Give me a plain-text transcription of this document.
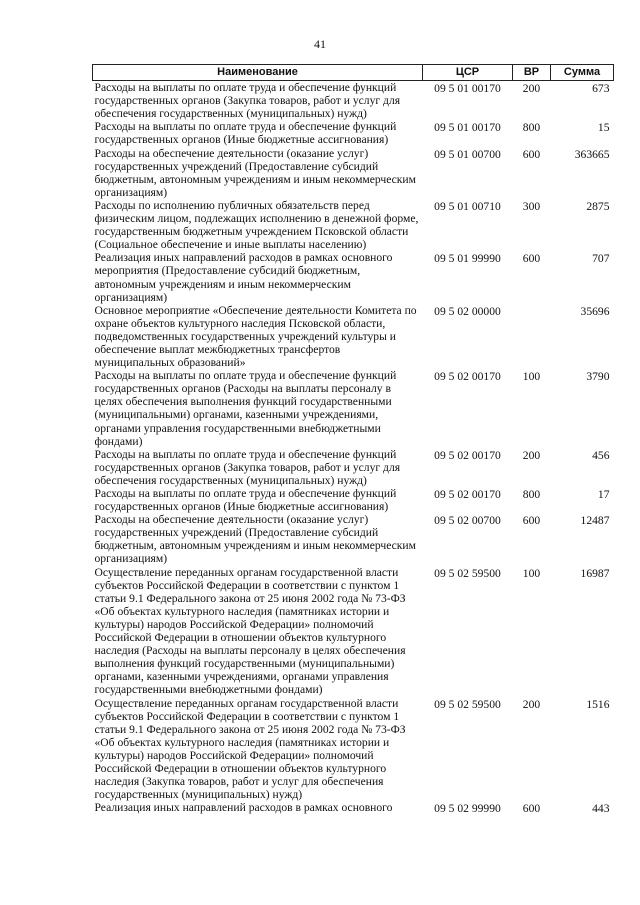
41
Наименование	ЦСР	ВР	Сумма
Расходы на выплаты по оплате труда и обеспечение функций государственных органов (Закупка товаров, работ и услуг для обеспечения государственных (муниципальных) нужд)	09 5 01 00170	200	673
Расходы на выплаты по оплате труда и обеспечение функций государственных органов (Иные бюджетные ассигнования)	09 5 01 00170	800	15
Расходы на обеспечение деятельности (оказание услуг) государственных учреждений (Предоставление субсидий бюджетным, автономным учреждениям и иным некоммерческим организациям)	09 5 01 00700	600	363665
Расходы по исполнению публичных обязательств перед физическим лицом, подлежащих исполнению в денежной форме, государственным бюджетным учреждением Псковской области (Социальное обеспечение и иные выплаты населению)	09 5 01 00710	300	2875
Реализация иных направлений расходов в рамках основного мероприятия (Предоставление субсидий бюджетным, автономным учреждениям и иным некоммерческим организациям)	09 5 01 99990	600	707
Основное мероприятие «Обеспечение деятельности Комитета по охране объектов культурного наследия Псковской области, подведомственных государственных учреждений культуры и обеспечение выплат межбюджетных трансфертов муниципальных образований»	09 5 02 00000		35696
Расходы на выплаты по оплате труда и обеспечение функций государственных органов (Расходы на выплаты персоналу в целях обеспечения выполнения функций государственными (муниципальными) органами, казенными учреждениями, органами управления государственными внебюджетными фондами)	09 5 02 00170	100	3790
Расходы на выплаты по оплате труда и обеспечение функций государственных органов (Закупка товаров, работ и услуг для обеспечения государственных (муниципальных) нужд)	09 5 02 00170	200	456
Расходы на выплаты по оплате труда и обеспечение функций государственных органов (Иные бюджетные ассигнования)	09 5 02 00170	800	17
Расходы на обеспечение деятельности (оказание услуг) государственных учреждений (Предоставление субсидий бюджетным, автономным учреждениям и иным некоммерческим организациям)	09 5 02 00700	600	12487
Осуществление переданных органам государственной власти субъектов Российской Федерации в соответствии с пунктом 1 статьи 9.1 Федерального закона от 25 июня 2002 года № 73-ФЗ «Об объектах культурного наследия (памятниках истории и культуры) народов Российской Федерации» полномочий Российской Федерации в отношении объектов культурного наследия (Расходы на выплаты персоналу в целях обеспечения выполнения функций государственными (муниципальными) органами, казенными учреждениями, органами управления государственными внебюджетными фондами)	09 5 02 59500	100	16987
Осуществление переданных органам государственной власти субъектов Российской Федерации в соответствии с пунктом 1 статьи 9.1 Федерального закона от 25 июня 2002 года № 73-ФЗ «Об объектах культурного наследия (памятниках истории и культуры) народов Российской Федерации» полномочий Российской Федерации в отношении объектов культурного наследия (Закупка товаров, работ и услуг для обеспечения государственных (муниципальных) нужд)	09 5 02 59500	200	1516
Реализация иных направлений расходов в рамках основного	09 5 02 99990	600	443
